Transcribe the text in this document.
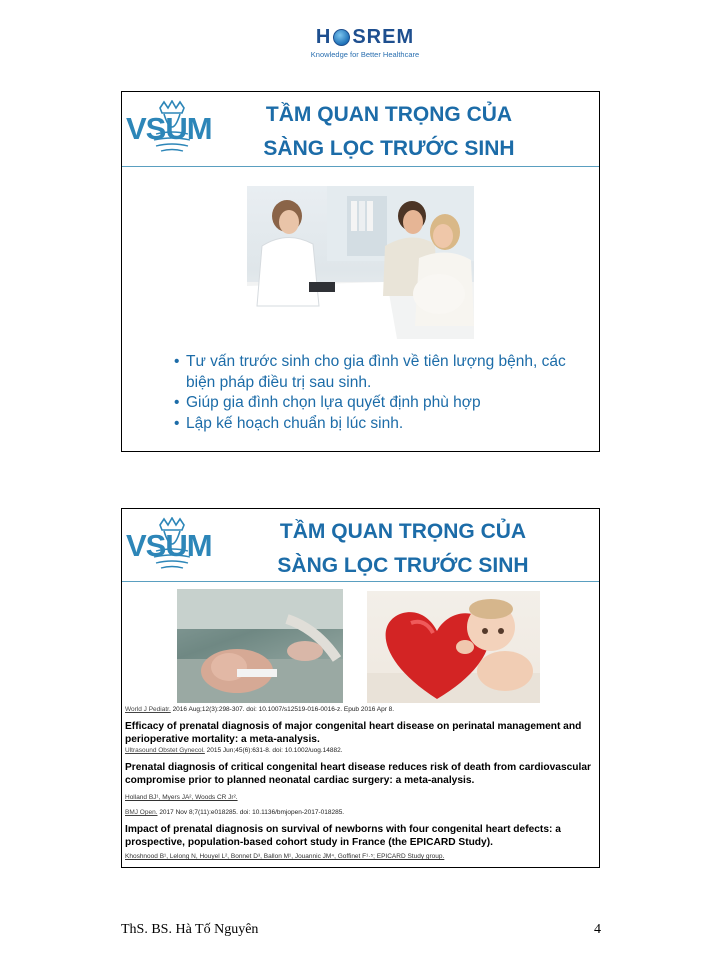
H SREM
Knowledge for Better Healthcare
VSUM	TẦM QUAN TRỌNG CỦA
SÀNG LỌC TRƯỚC SINH
• Tư vấn trước sinh cho gia đình về tiên lượng bệnh, các biện pháp điều trị sau sinh.
• Giúp gia đình chọn lựa quyết định phù hợp
• Lập kế hoạch chuẩn bị lúc sinh.
VSUM	TẦM QUAN TRỌNG CỦA
SÀNG LỌC TRƯỚC SINH
World J Pediatr. 2016 Aug;12(3):298-307. doi: 10.1007/s12519-016-0016-z. Epub 2016 Apr 8.
Efficacy of prenatal diagnosis of major congenital heart disease on perinatal management and perioperative mortality: a meta-analysis.
Ultrasound Obstet Gynecol. 2015 Jun;45(6):631-8. doi: 10.1002/uog.14882.
Prenatal diagnosis of critical congenital heart disease reduces risk of death from cardiovascular compromise prior to planned neonatal cardiac surgery: a meta-analysis.
Holland BJ¹, Myers JA², Woods CR Jr².
BMJ Open. 2017 Nov 8;7(11):e018285. doi: 10.1136/bmjopen-2017-018285.
Impact of prenatal diagnosis on survival of newborns with four congenital heart defects: a prospective, population-based cohort study in France (the EPICARD Study).
Khoshnood B¹, Lelong N, Houyel L², Bonnet D³, Ballon M¹, Jouannic JM⁴, Goffinet F¹·⁵; EPICARD Study group.
ThS. BS. Hà Tố Nguyên	4
